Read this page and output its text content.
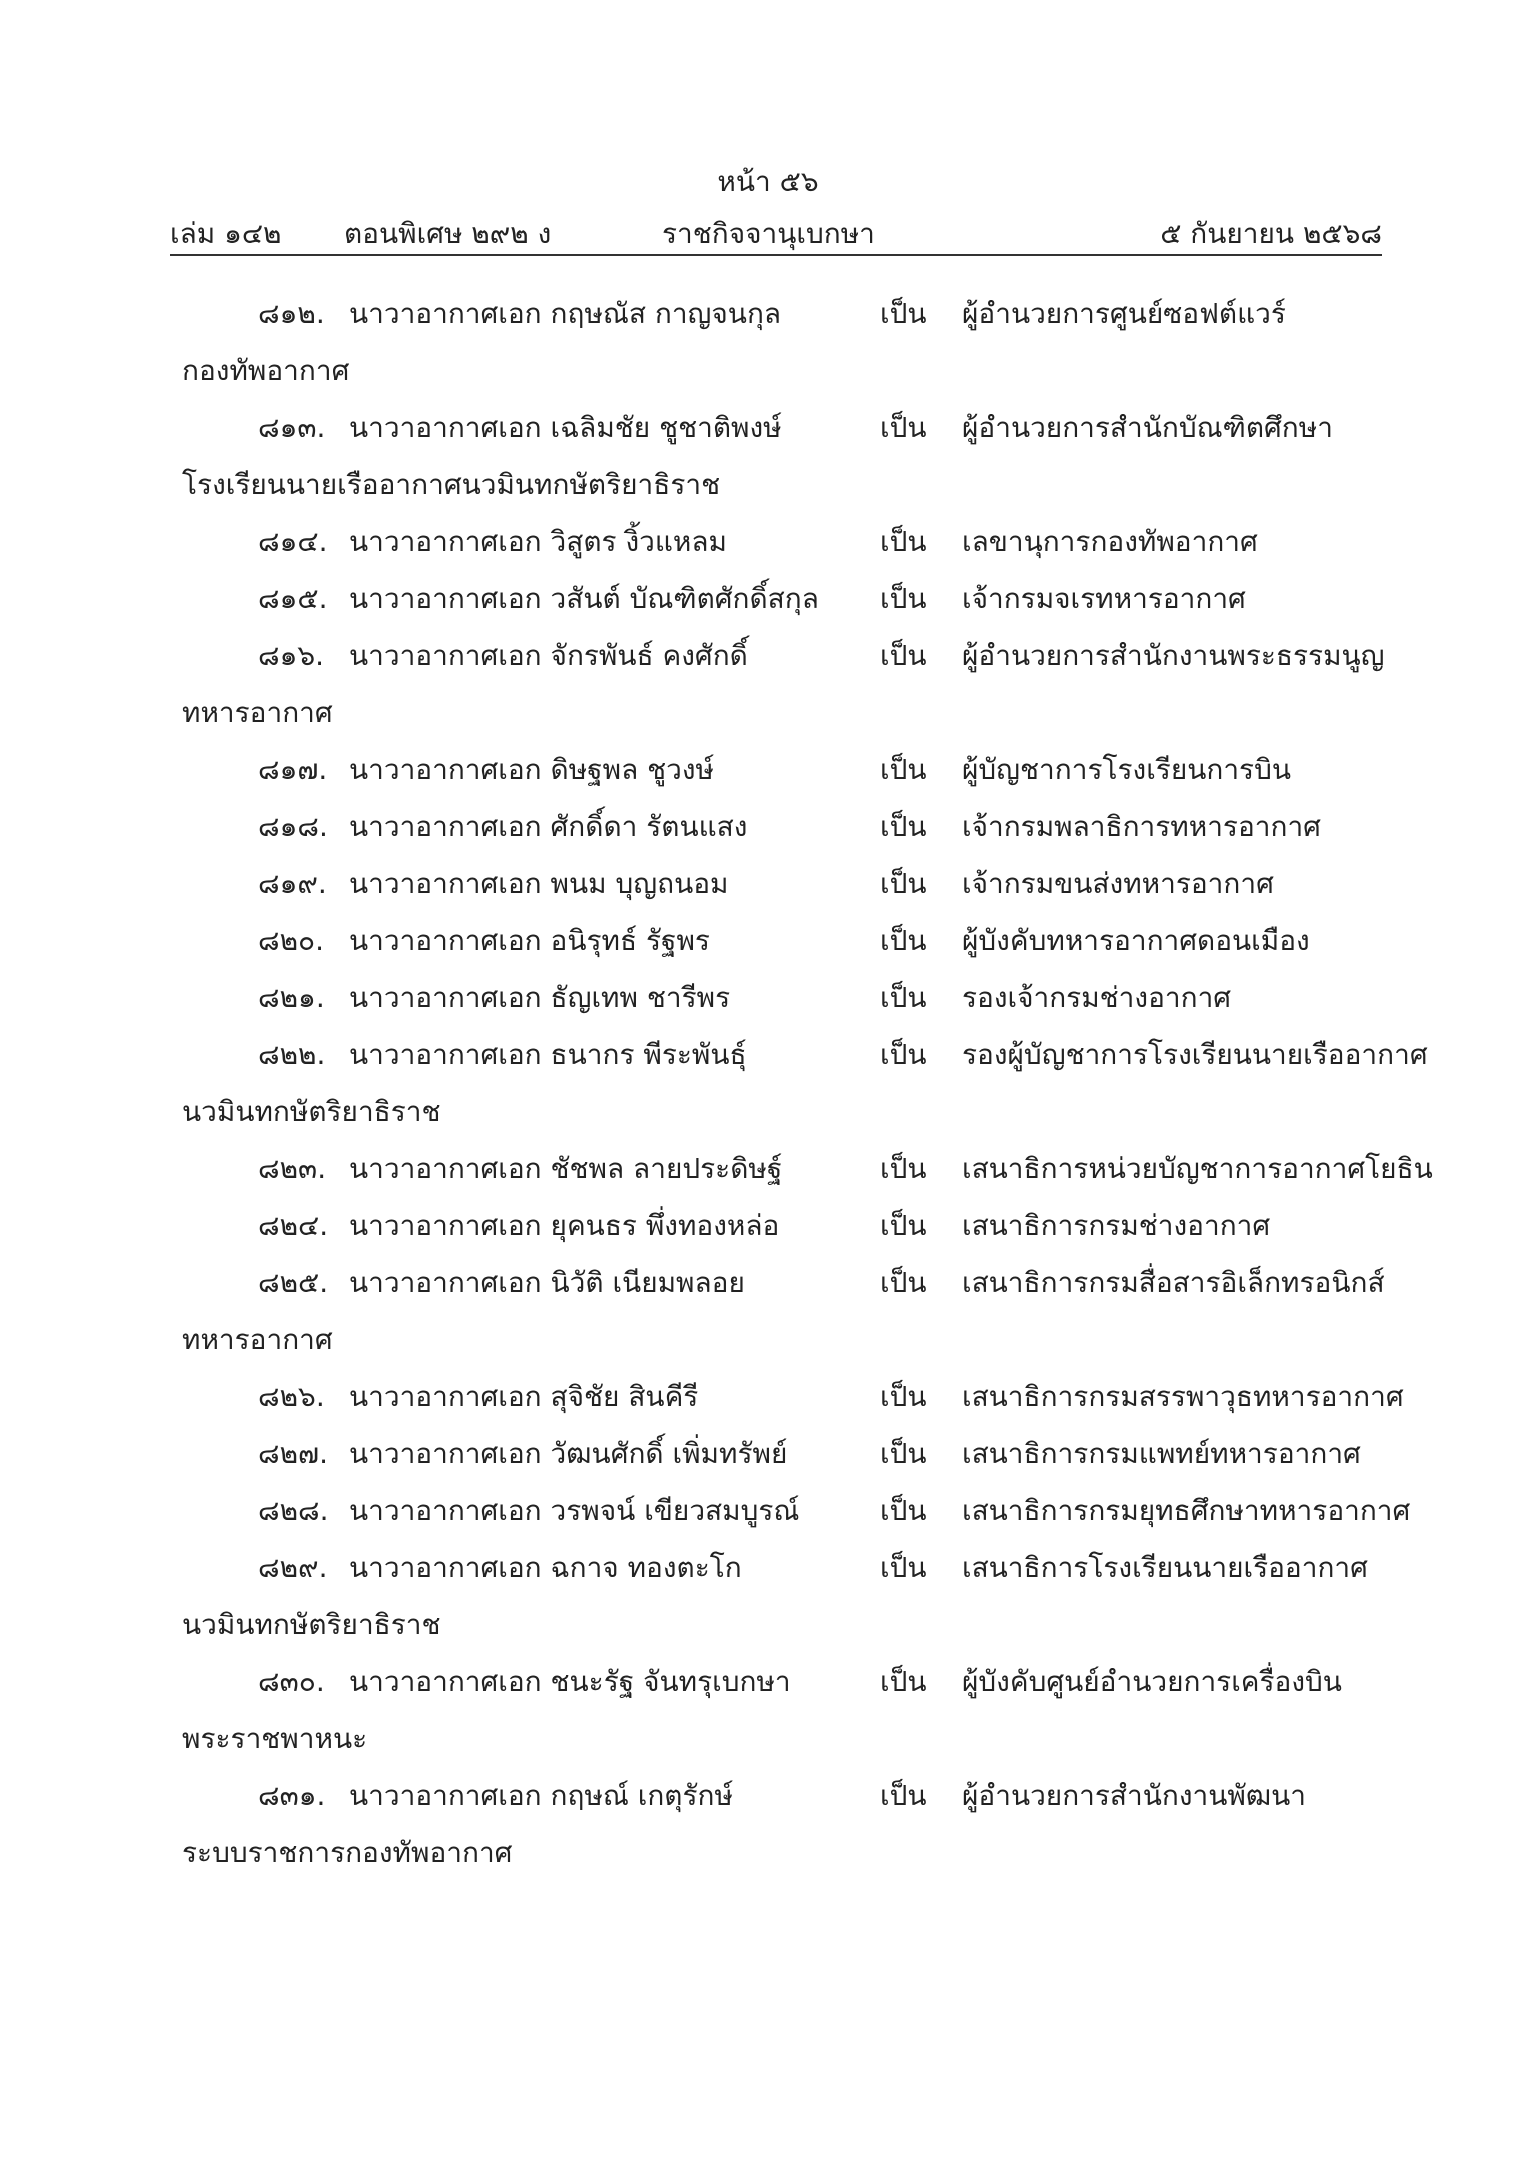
หน้า ๕๖
เล่ม ๑๔๒ ตอนพิเศษ ๒๙๒ ง	ราชกิจจานุเบกษา	๕ กันยายน ๒๕๖๘
๘๑๒. นาวาอากาศเอก กฤษณัส กาญจนกุล	เป็น ผู้อำนวยการศูนย์ซอฟต์แวร์
กองทัพอากาศ
๘๑๓. นาวาอากาศเอก เฉลิมชัย ชูชาติพงษ์	เป็น ผู้อำนวยการสำนักบัณฑิตศึกษา
โรงเรียนนายเรืออากาศนวมินทกษัตริยาธิราช
๘๑๔. นาวาอากาศเอก วิสูตร งิ้วแหลม	เป็น เลขานุการกองทัพอากาศ
๘๑๕. นาวาอากาศเอก วสันต์ บัณฑิตศักดิ์สกุล เป็น เจ้ากรมจเรทหารอากาศ
๘๑๖. นาวาอากาศเอก จักรพันธ์ คงศักดิ์	เป็น ผู้อำนวยการสำนักงานพระธรรมนูญ
ทหารอากาศ
๘๑๗. นาวาอากาศเอก ดิษฐพล ชูวงษ์	เป็น ผู้บัญชาการโรงเรียนการบิน
๘๑๘. นาวาอากาศเอก ศักดิ์ดา รัตนแสง	เป็น เจ้ากรมพลาธิการทหารอากาศ
๘๑๙. นาวาอากาศเอก พนม บุญถนอม	เป็น เจ้ากรมขนส่งทหารอากาศ
๘๒๐. นาวาอากาศเอก อนิรุทธ์ รัฐพร	เป็น ผู้บังคับทหารอากาศดอนเมือง
๘๒๑. นาวาอากาศเอก ธัญเทพ ชารีพร	เป็น รองเจ้ากรมช่างอากาศ
๘๒๒. นาวาอากาศเอก ธนากร พีระพันธุ์	เป็น รองผู้บัญชาการโรงเรียนนายเรืออากาศ
นวมินทกษัตริยาธิราช
๘๒๓. นาวาอากาศเอก ชัชพล ลายประดิษฐ์	เป็น เสนาธิการหน่วยบัญชาการอากาศโยธิน
๘๒๔. นาวาอากาศเอก ยุคนธร พึ่งทองหล่อ	เป็น เสนาธิการกรมช่างอากาศ
๘๒๕. นาวาอากาศเอก นิวัติ เนียมพลอย	เป็น เสนาธิการกรมสื่อสารอิเล็กทรอนิกส์
ทหารอากาศ
๘๒๖. นาวาอากาศเอก สุจิชัย สินคีรี	เป็น เสนาธิการกรมสรรพาวุธทหารอากาศ
๘๒๗. นาวาอากาศเอก วัฒนศักดิ์ เพิ่มทรัพย์	เป็น เสนาธิการกรมแพทย์ทหารอากาศ
๘๒๘. นาวาอากาศเอก วรพจน์ เขียวสมบูรณ์	เป็น เสนาธิการกรมยุทธศึกษาทหารอากาศ
๘๒๙. นาวาอากาศเอก ฉกาจ ทองตะโก	เป็น เสนาธิการโรงเรียนนายเรืออากาศ
นวมินทกษัตริยาธิราช
๘๓๐. นาวาอากาศเอก ชนะรัฐ จันทรุเบกษา	เป็น ผู้บังคับศูนย์อำนวยการเครื่องบิน
พระราชพาหนะ
๘๓๑. นาวาอากาศเอก กฤษณ์ เกตุรักษ์	เป็น ผู้อำนวยการสำนักงานพัฒนา
ระบบราชการกองทัพอากาศ
